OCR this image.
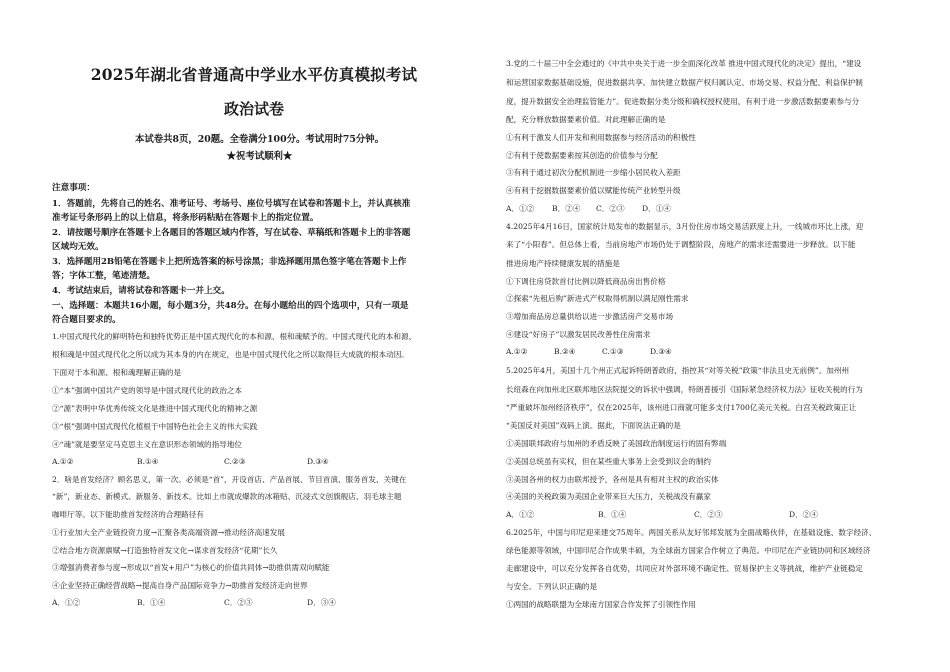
2025年湖北省普通高中学业水平仿真模拟考试
政治试卷
本试卷共8页，20题。全卷满分100分。考试用时75分钟。
★祝考试顺利★
注意事项：
1．答题前，先将自己的姓名、准考证号、考场号、座位号填写在试卷和答题卡上，并认真核准
准考证号条形码上的以上信息，将条形码粘贴在答题卡上的指定位置。
2．请按题号顺序在答题卡上各题目的答题区域内作答，写在试卷、草稿纸和答题卡上的非答题
区域均无效。
3．选择题用2B铅笔在答题卡上把所选答案的标号涂黑；非选择题用黑色签字笔在答题卡上作
答；字体工整，笔迹清楚。
4．考试结束后，请将试卷和答题卡一并上交。
一、选择题：本题共16小题，每小题3分，共48分。在每小题给出的四个选项中，只有一项是
符合题目要求的。
1.中国式现代化的鲜明特色和独特优势正是中国式现代化的本和源、根和魂赋予的。中国式现代化的本和源、
根和魂是中国式现代化之所以成为其本身的内在规定，也是中国式现代化之所以取得巨大成就的根本动因。
下面对于本和源、根和魂理解正确的是
①“本”强调中国共产党的领导是中国式现代化的政治之本
②“源”表明中华优秀传统文化是推进中国式现代化的精神之源
③“根”强调中国式现代化植根于中国特色社会主义的伟大实践
④“魂”就是要坚定马克思主义在意识形态领域的指导地位
A.①②	B.①④	C.②③	D.③④
2．啥是首发经济？顾名思义，第一次。必须是“首”，开设首店、产品首展、节目首演、服务首发、关键在
“新”，新业态、新模式、新服务、新技术。比如上市就成爆款的冰箱贴、沉浸式文创旗舰店、羽毛球主题
咖啡厅等。以下能助推首发经济的合理路径有
①行业加大全产业链投资力度→汇聚各类高端资源→推动经济高速发展
②结合地方资源禀赋→打造独特首发文化→谋求首发经济“花期”长久
③增强消费者参与度→形成以“首发+用户”为核心的价值共同体→助推供需双向赋能
④企业坚持正确经营战略→提高自身产品国际竞争力→助推首发经济走向世界
A．①②	B．①④	C．②③	D．③④
3.党的二十届三中全会通过的《中共中央关于进一步全面深化改革 推进中国式现代化的决定》提出，“建设
和运营国家数据基础设施，促进数据共享。加快建立数据产权归属认定、市场交易、权益分配、利益保护制
度，提升数据安全治理监管能力”。促进数据分类分级和确权授权使用，有利于进一步激活数据要素参与分
配，充分释放数据要素价值。对此理解正确的是
①有利于激发人们开发和利用数据参与经济活动的积极性
②有利于使数据要素按其创造的价值参与分配
③有利于通过初次分配机制进一步缩小居民收入差距
④有利于挖掘数据要素价值以赋能传统产业转型升级
A．①② B．②④ C．②③ D．①④
4.2025年4月16日，国家统计局发布的数据显示，3月份住房市场交易活跃度上升，一线城市环比上涨，迎
来了“小阳春”。但总体上看，当前房地产市场仍处于调整阶段，房地产的需求还需要进一步释放。以下能
推进房地产持续健康发展的措施是
①下调住房贷款首付比例以降低商品房出售价格
②探索“先租后购”新进式产权取得机制以满足刚性需求
③增加商品房总量供给以进一步激活房产交易市场
④建设“好房子”以激发居民改善性住房需求
A.①②	B.②④	C.①③	D.③④
5.2025年4月，美国十几个州正式起诉特朗普政府，指控其“对等关税”政策“非法且史无前例”。加州州
长纽森在向加州北区联邦地区法院提交的诉状中强调，特朗普援引《国际紧急经济权力法》征收关税的行为
“严重破坏加州经济秩序”，仅在2025年，该州进口商就可能多支付1700亿美元关税。白宫关税政策正让
“美国反对美国”戏码上演。据此，下面说法正确的是
①美国联邦政府与加州的矛盾反映了美国政治制度运行的固有弊端
②美国总统虽有实权，但在某些重大事务上会受到议会的制约
③美国各州的权力由联邦授予，各州是具有相对主权的政治实体
④美国的关税政策为美国企业带来巨大压力，关税战没有赢家
A．①②	B．①④	C．②③	D．②④
6.2025年，中国与印尼迎来建交75周年。两国关系从友好邻邦发展为全面战略伙伴，在基础设施、数字经济、
绿色能源等领域，中国印尼合作成果丰硕，为全球南方国家合作树立了典范。中印尼在产业链协同和区域经济
走廊建设中，可以充分发挥各自优势，共同应对外部环境不确定性、贸易保护主义等挑战，维护产业链稳定
与安全。下列认识正确的是
①两国的战略联盟为全球南方国家合作发挥了引领性作用
